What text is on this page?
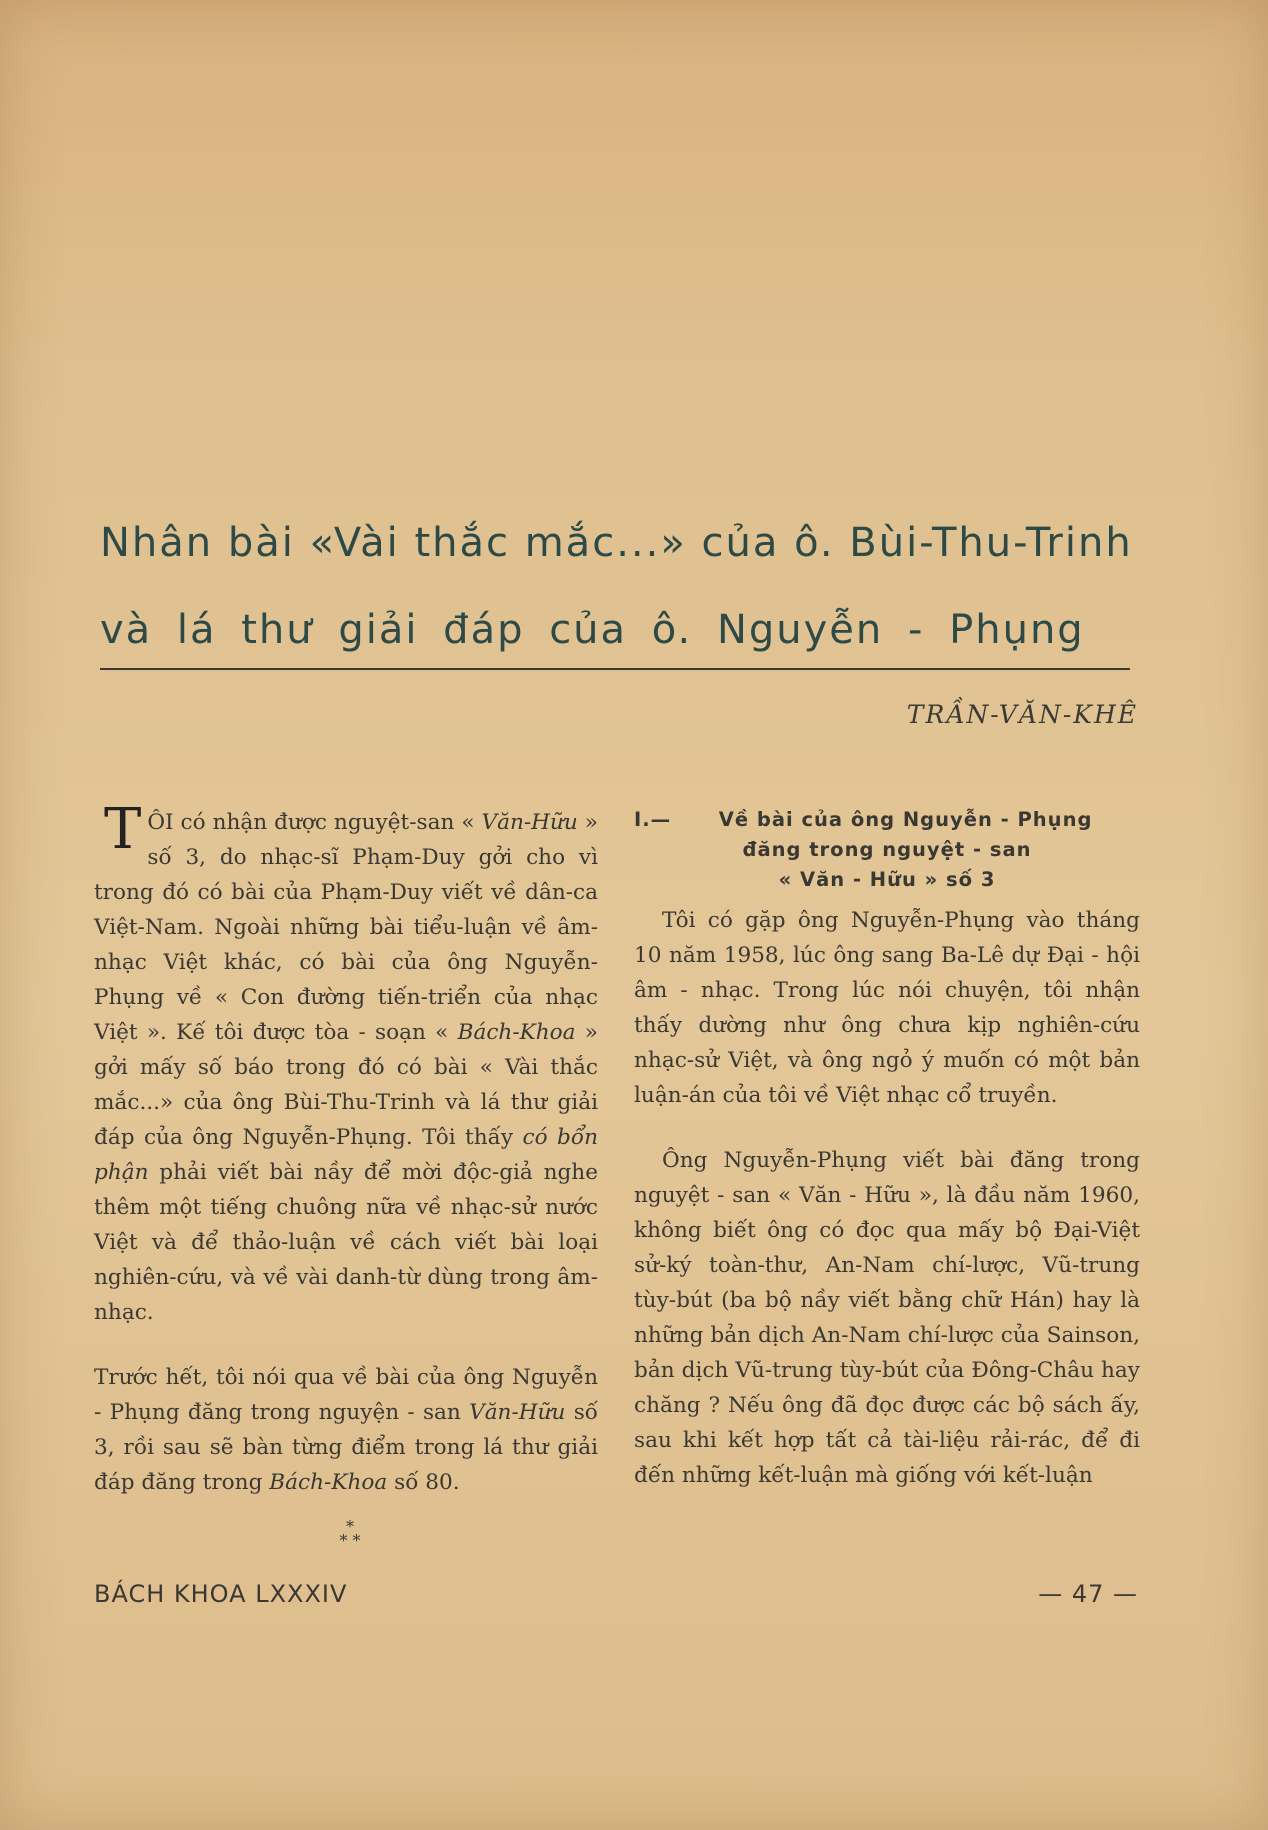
Nhân bài «Vài thắc mắc...» của ô. Bùi-Thu-Trinh
và lá thư giải đáp của ô. Nguyễn - Phụng

TRẦN-VĂN-KHÊ

TÔI có nhận được nguyệt-san « Văn-Hữu » số 3, do nhạc-sĩ Phạm-Duy gởi cho vì trong đó có bài của Phạm-Duy viết về dân-ca Việt-Nam. Ngoài những bài tiểu-luận về âm-nhạc Việt khác, có bài của ông Nguyễn-Phụng về « Con đường tiến-triển của nhạc Việt ». Kế tôi được tòa - soạn « Bách-Khoa » gởi mấy số báo trong đó có bài « Vài thắc mắc...» của ông Bùi-Thu-Trinh và lá thư giải đáp của ông Nguyễn-Phụng. Tôi thấy có bổn phận phải viết bài nầy để mời độc-giả nghe thêm một tiếng chuông nữa về nhạc-sử nước Việt và để thảo-luận về cách viết bài loại nghiên-cứu, và về vài danh-từ dùng trong âm-nhạc.

Trước hết, tôi nói qua về bài của ông Nguyễn - Phụng đăng trong nguyện - san Văn-Hữu số 3, rồi sau sẽ bàn từng điểm trong lá thư giải đáp đăng trong Bách-Khoa số 80.

*
* *
I.—	Về bài của ông Nguyễn - Phụng
đăng trong nguyệt - san
« Văn - Hữu » số 3

Tôi có gặp ông Nguyễn-Phụng vào tháng 10 năm 1958, lúc ông sang Ba-Lê dự Đại - hội âm - nhạc. Trong lúc nói chuyện, tôi nhận thấy dường như ông chưa kịp nghiên-cứu nhạc-sử Việt, và ông ngỏ ý muốn có một bản luận-án của tôi về Việt nhạc cổ truyền.

Ông Nguyễn-Phụng viết bài đăng trong nguyệt - san « Văn - Hữu », là đầu năm 1960, không biết ông có đọc qua mấy bộ Đại-Việt sử-ký toàn-thư, An-Nam chí-lược, Vũ-trung tùy-bút (ba bộ nầy viết bằng chữ Hán) hay là những bản dịch An-Nam chí-lược của Sainson, bản dịch Vũ-trung tùy-bút của Đông-Châu hay chăng ? Nếu ông đã đọc được các bộ sách ấy, sau khi kết hợp tất cả tài-liệu rải-rác, để đi đến những kết-luận mà giống với kết-luận

BÁCH KHOA LXXXIV	— 47 —
